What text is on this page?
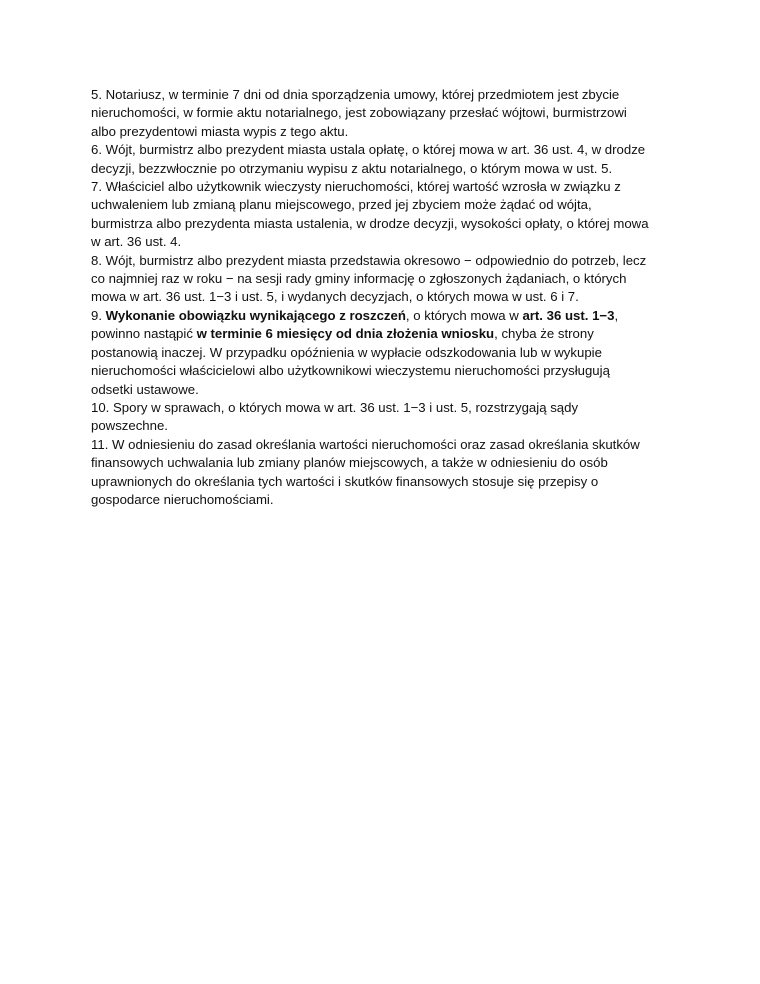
5. Notariusz, w terminie 7 dni od dnia sporządzenia umowy, której przedmiotem jest zbycie
nieruchomości, w formie aktu notarialnego, jest zobowiązany przesłać wójtowi, burmistrzowi
albo prezydentowi miasta wypis z tego aktu.

6. Wójt, burmistrz albo prezydent miasta ustala opłatę, o której mowa w art. 36 ust. 4, w drodze
decyzji, bezzwłocznie po otrzymaniu wypisu z aktu notarialnego, o którym mowa w ust. 5.

7. Właściciel albo użytkownik wieczysty nieruchomości, której wartość wzrosła w związku z
uchwaleniem lub zmianą planu miejscowego, przed jej zbyciem może żądać od wójta,
burmistrza albo prezydenta miasta ustalenia, w drodze decyzji, wysokości opłaty, o której mowa
w art. 36 ust. 4.

8. Wójt, burmistrz albo prezydent miasta przedstawia okresowo − odpowiednio do potrzeb, lecz
co najmniej raz w roku − na sesji rady gminy informację o zgłoszonych żądaniach, o których
mowa w art. 36 ust. 1−3 i ust. 5, i wydanych decyzjach, o których mowa w ust. 6 i 7.

9. Wykonanie obowiązku wynikającego z roszczeń, o których mowa w art. 36 ust. 1−3,
powinno nastąpić w terminie 6 miesięcy od dnia złożenia wniosku, chyba że strony
postanowią inaczej. W przypadku opóźnienia w wypłacie odszkodowania lub w wykupie
nieruchomości właścicielowi albo użytkownikowi wieczystemu nieruchomości przysługują
odsetki ustawowe.

10. Spory w sprawach, o których mowa w art. 36 ust. 1−3 i ust. 5, rozstrzygają sądy
powszechne.

11. W odniesieniu do zasad określania wartości nieruchomości oraz zasad określania skutków
finansowych uchwalania lub zmiany planów miejscowych, a także w odniesieniu do osób
uprawnionych do określania tych wartości i skutków finansowych stosuje się przepisy o
gospodarce nieruchomościami.
